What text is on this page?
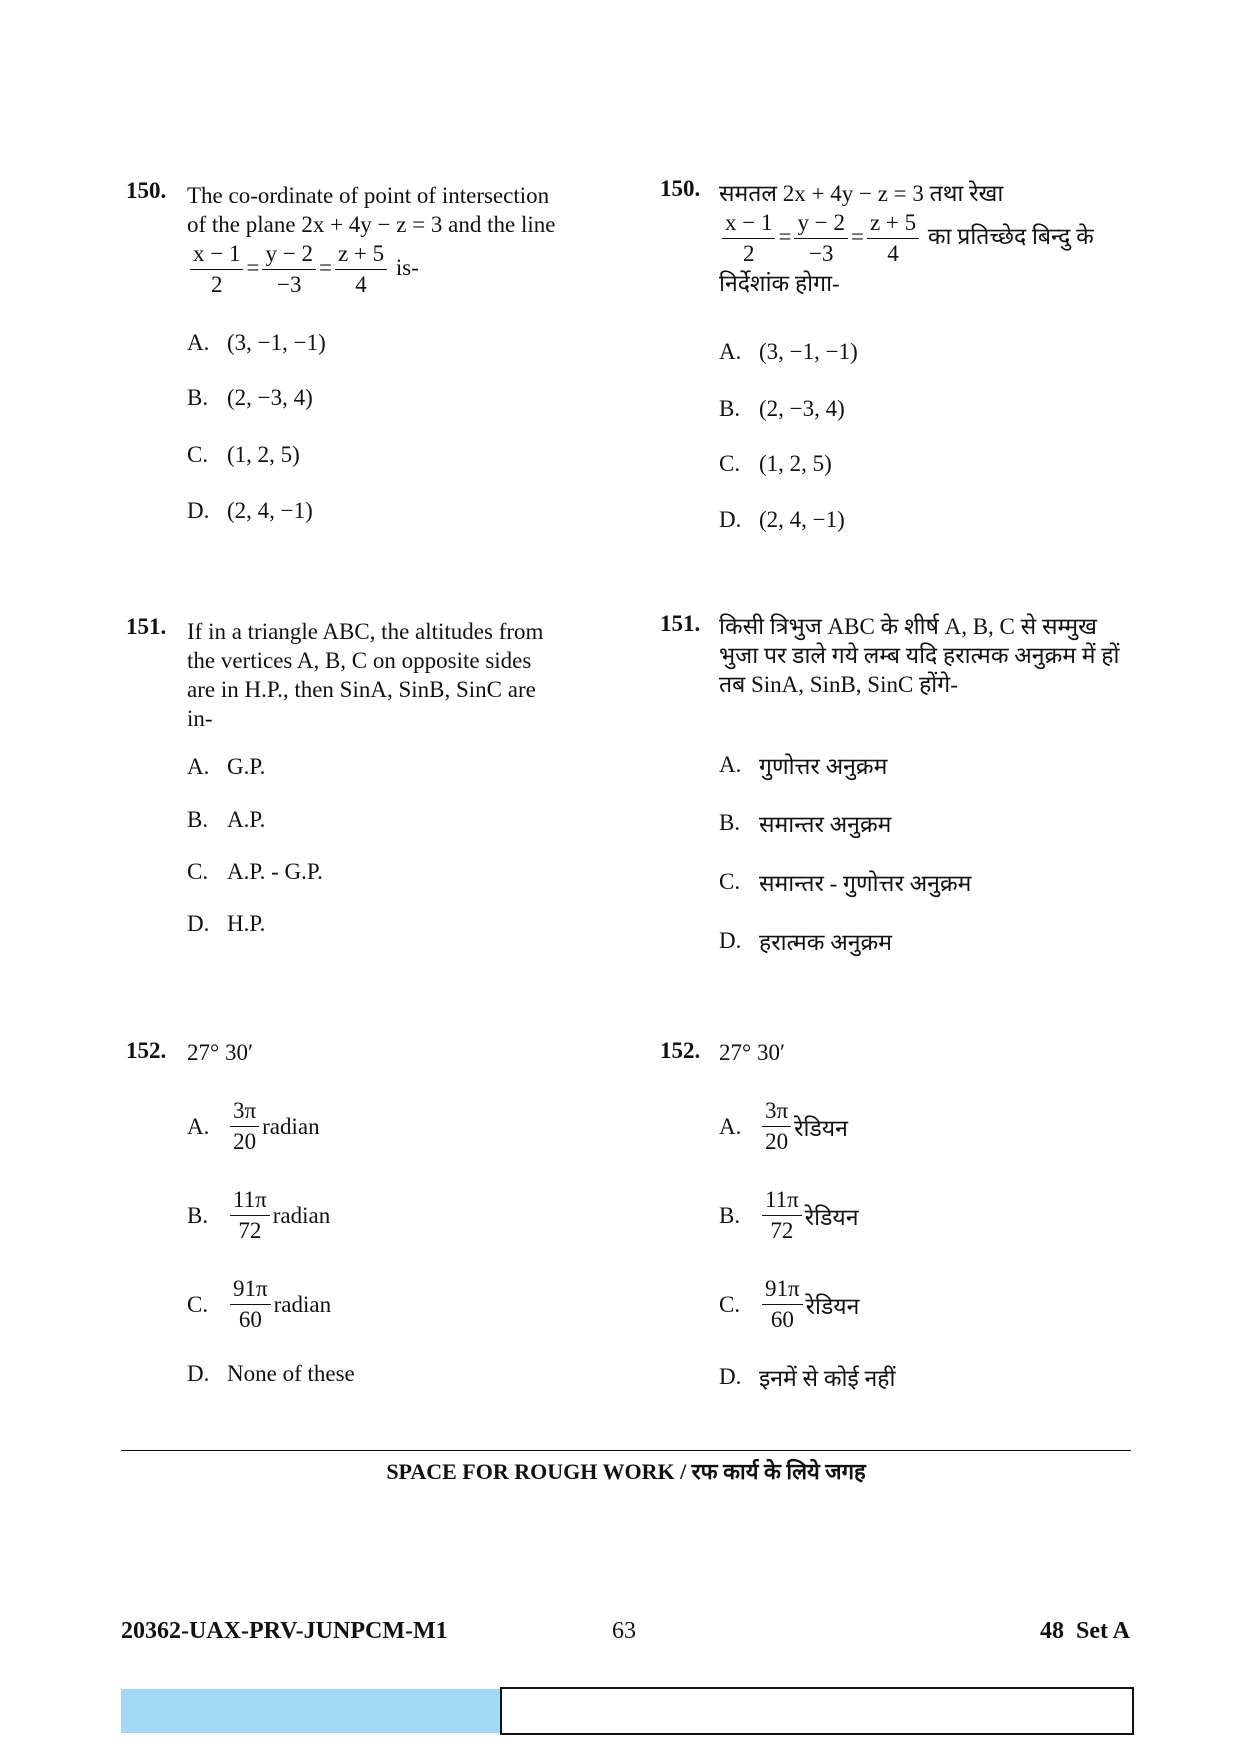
150. The co-ordinate of point of intersection
of the plane 2x + 4y − z = 3 and the line

$\frac{x - 1}{2} = \frac{y - 2}{-3} = \frac{z + 5}{4} is-$
A. (3, −1, −1)
B. (2, −3, 4)
C. (1, 2, 5)
D. (2, 4, −1)
150. समतल 2x + 4y − z = 3 तथा रेखा

$\frac{x - 1}{2} = \frac{y - 2}{-3} = \frac{z + 5}{4}$ का प्रतिच्छेद बिन्दु के
निर्देशांक होगा-
A. (3, −1, −1)
B. (2, −3, 4)
C. (1, 2, 5)
D. (2, 4, −1)
151. If in a triangle ABC, the altitudes from
the vertices A, B, C on opposite sides
are in H.P., then SinA, SinB, SinC are
in-
A. G.P.
B. A.P.
C. A.P. - G.P.
D. H.P.
151. किसी त्रिभुज ABC के शीर्ष A, B, C से सम्मुख
भुजा पर डाले गये लम्ब यदि हरात्मक अनुक्रम में हों
तब SinA, SinB, SinC होंगे-
A. गुणोत्तर अनुक्रम
B. समान्तर अनुक्रम
C. समान्तर - गुणोत्तर अनुक्रम
D. हरात्मक अनुक्रम
152. 27° 30′
A. $\frac{3\pi}{20}$ radian
B. $\frac{11\pi}{72}$ radian
C. $\frac{91\pi}{60}$ radian
D. None of these
152. 27° 30′
A. $\frac{3\pi}{20}$ रेडियन
B. $\frac{11\pi}{72}$ रेडियन
C. $\frac{91\pi}{60}$ रेडियन
D. इनमें से कोई नहीं
SPACE FOR ROUGH WORK / रफ कार्य के लिये जगह
20362-UAX-PRV-JUNPCM-M1	63	48  Set A
